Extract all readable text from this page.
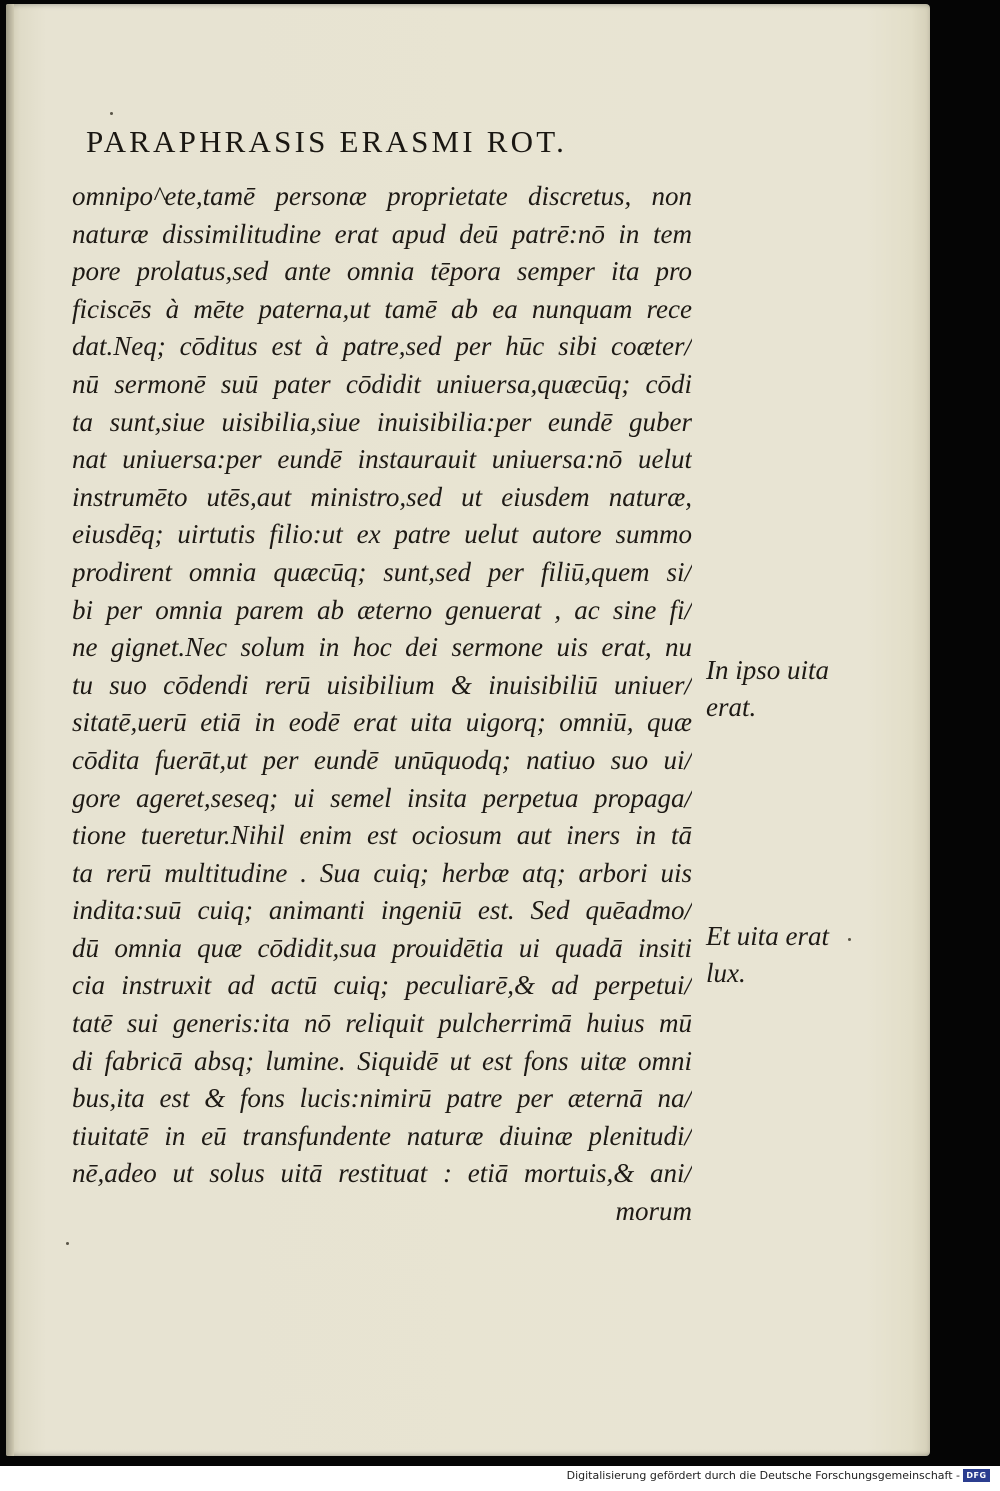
PARAPHRASIS ERASMI ROT.
omnipo^ete,tamē personæ proprietate discretus, non
naturæ dissimilitudine erat apud deū patrē:nō in tem
pore prolatus,sed ante omnia tēpora semper ita pro
ficiscēs à mēte paterna,ut tamē ab ea nunquam rece
dat.Neq; cōditus est à patre,sed per hūc sibi coæter/
nū sermonē suū pater cōdidit uniuersa,quæcūq; cōdi
ta sunt,siue uisibilia,siue inuisibilia:per eundē guber
nat uniuersa:per eundē instaurauit uniuersa:nō uelut
instrumēto utēs,aut ministro,sed ut eiusdem naturæ,
eiusdēq; uirtutis filio:ut ex patre uelut autore summo
prodirent omnia quæcūq; sunt,sed per filiū,quem si/
bi per omnia parem ab æterno genuerat , ac sine fi/
ne gignet.Nec solum in hoc dei sermone uis erat, nu
tu suo cōdendi rerū uisibilium & inuisibiliū uniuer/
sitatē,uerū etiā in eodē erat uita uigorq; omniū, quæ
cōdita fuerāt,ut per eundē unūquodq; natiuo suo ui/
gore ageret,seseq; ui semel insita perpetua propaga/
tione tueretur.Nihil enim est ociosum aut iners in tā
ta rerū multitudine . Sua cuiq; herbæ atq; arbori uis
indita:suū cuiq; animanti ingeniū est. Sed quēadmo/
dū omnia quæ cōdidit,sua prouidētia ui quadā insiti
cia instruxit ad actū cuiq; peculiarē,& ad perpetui/
tatē sui generis:ita nō reliquit pulcherrimā huius mū
di fabricā absq; lumine. Siquidē ut est fons uitæ omni
bus,ita est & fons lucis:nimirū patre per æternā na/
tiuitatē in eū transfundente naturæ diuinæ plenitudi/
nē,adeo ut solus uitā restituat : etiā mortuis,& ani/
morum
In ipso uita
erat.
Et uita erat
lux.
Digitalisierung gefördert durch die Deutsche Forschungsgemeinschaft - DFG
